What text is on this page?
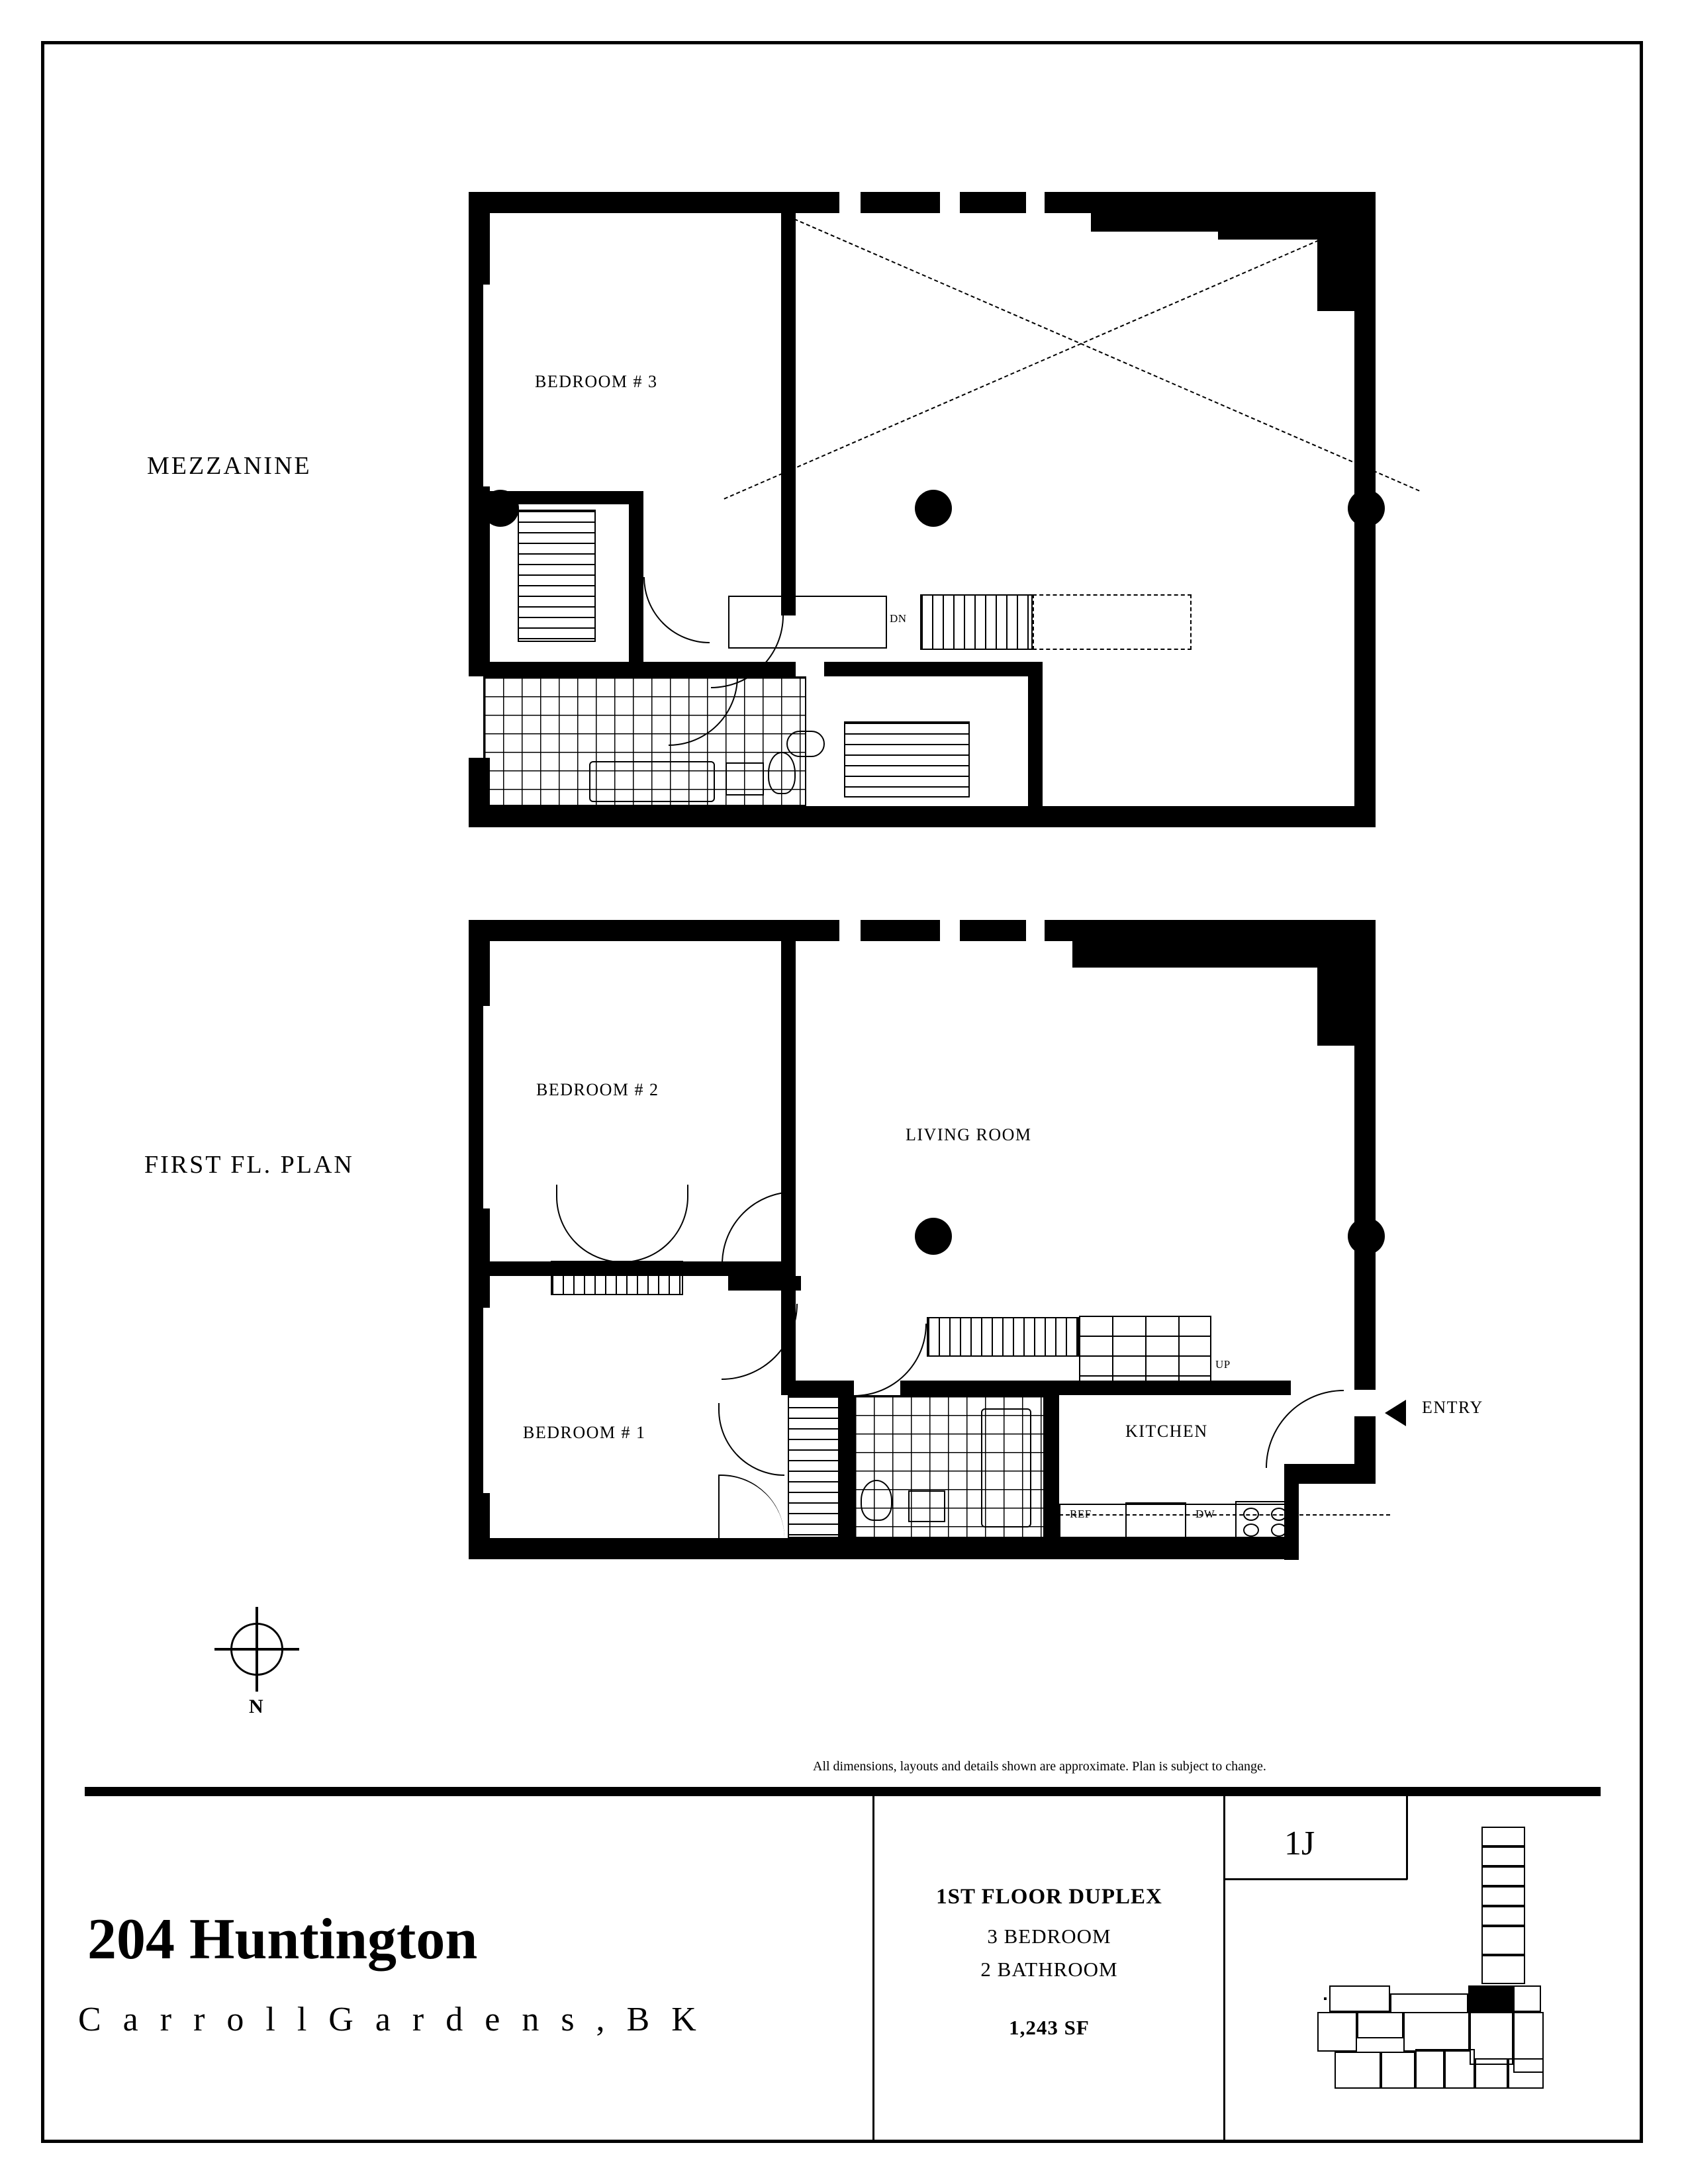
MEZZANINE
BEDROOM # 3
DN
FIRST FL. PLAN
BEDROOM # 2
LIVING ROOM
BEDROOM # 1	KITCHEN
UP
ENTRY
REF	DW
N
All dimensions, layouts and details shown are approximate. Plan is subject to change.
204 Huntington
C a r r o l l G a r d e n s , B K
1ST FLOOR DUPLEX
3 BEDROOM
2 BATHROOM
1,243 SF
1J
